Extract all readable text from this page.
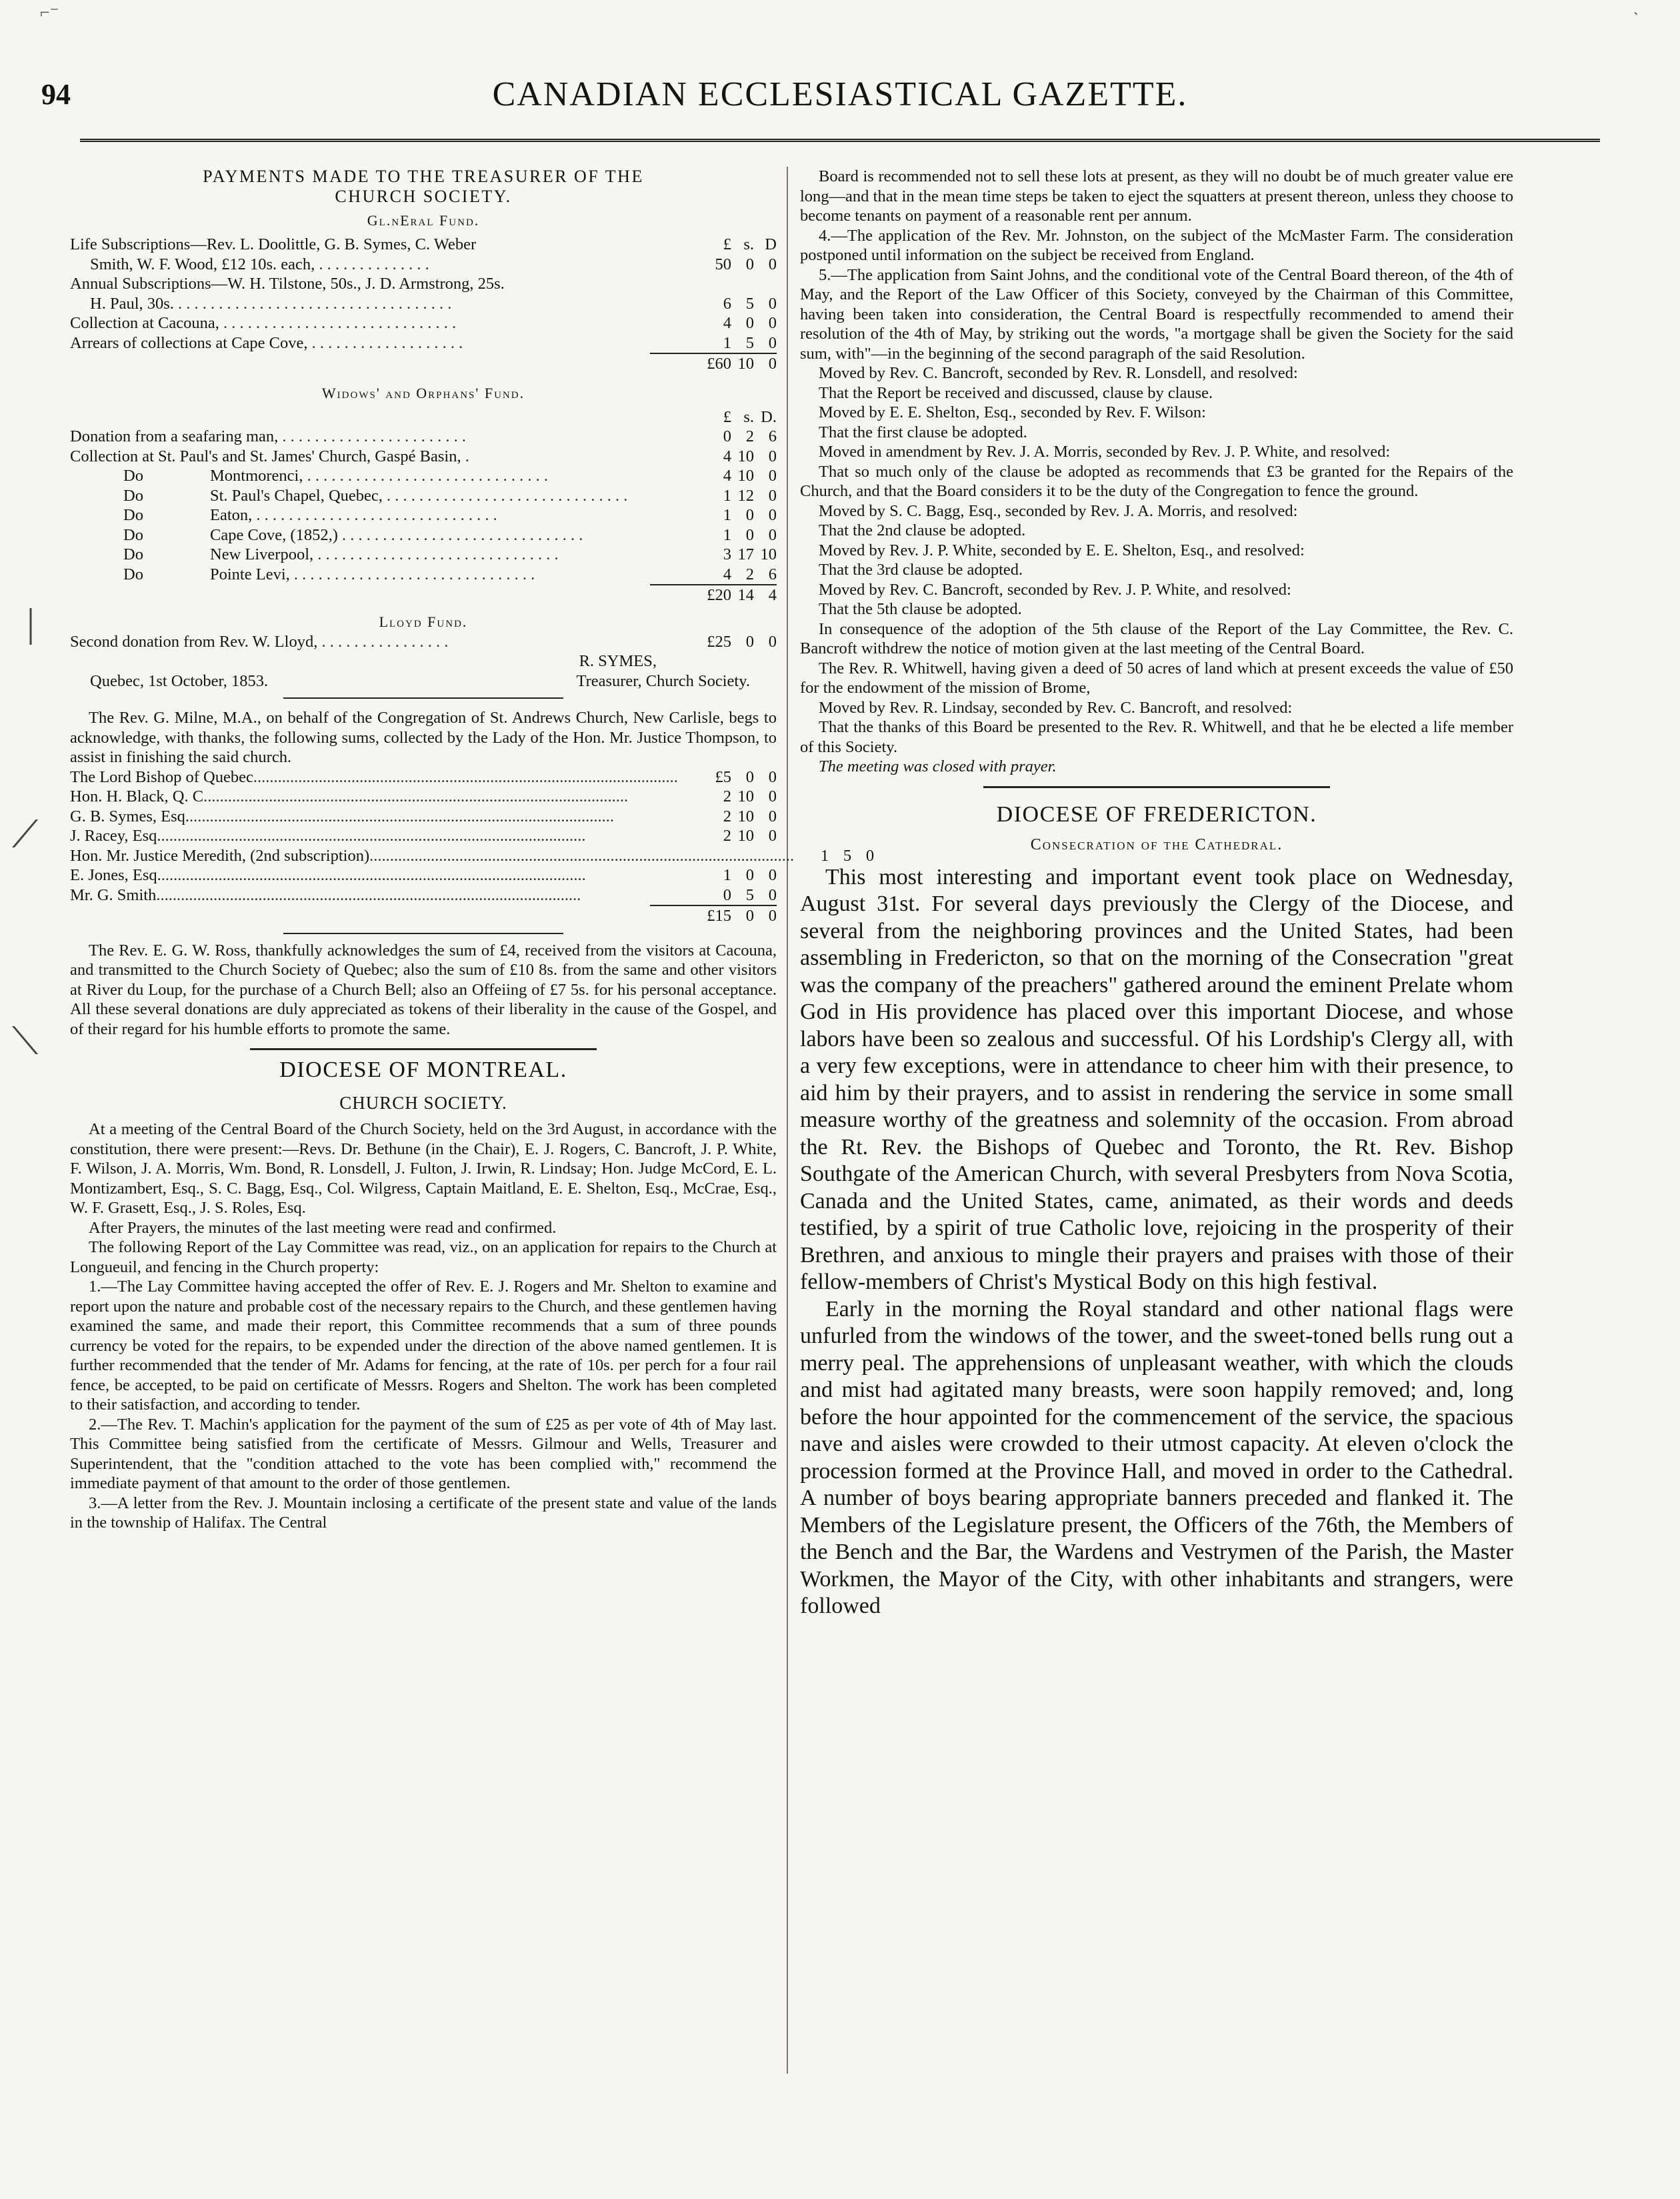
94	CANADIAN ECCLESIASTICAL GAZETTE.

PAYMENTS MADE TO THE TREASURER OF THE

CHURCH SOCIETY.

Gl.nEral Fund.

Life Subscriptions—Rev. L. Doolittle, G. B. Symes, C. Weber	£ s. D
Smith, W. F. Wood, £12 10s. each, . . . . . . . . . . . . . .	50 0 0
Annual Subscriptions—W. H. Tilstone, 50s., J. D. Armstrong, 25s.
H. Paul, 30s. . . . . . . . . . . . . . . . . . . . . . . . . . . . . . . . . . .	6 5 0
Collection at Cacouna, . . . . . . . . . . . . . . . . . . . . . . . . . . . . .	4 0 0
Arrears of collections at Cape Cove, . . . . . . . . . . . . . . . . . . .	1 5 0
£60 10 0

Widows' and Orphans' Fund.

£ s. D.
Donation from a seafaring man, . . . . . . . . . . . . . . . . . . . . . . .	0 2 6
Collection at St. Paul's and St. James' Church, Gaspé Basin, .	4 10 0
Do	Montmorenci, . . . . . . . . . . . . . . . . . . . . . . . . . . . . . .	4 10 0
Do	St. Paul's Chapel, Quebec, . . . . . . . . . . . . . . . . . . . . . . . . . . . . . .	1 12 0
Do	Eaton, . . . . . . . . . . . . . . . . . . . . . . . . . . . . . .	1 0 0
Do	Cape Cove, (1852,) . . . . . . . . . . . . . . . . . . . . . . . . . . . . . .	1 0 0
Do	New Liverpool, . . . . . . . . . . . . . . . . . . . . . . . . . . . . . .	3 17 10
Do	Pointe Levi, . . . . . . . . . . . . . . . . . . . . . . . . . . . . . .	4 2 6
£20 14 4

Lloyd Fund.

Second donation from Rev. W. Lloyd, . . . . . . . . . . . . . . . .	£25 0 0
R. SYMES,
Quebec, 1st October, 1853.	Treasurer, Church Society.

The Rev. G. Milne, M.A., on behalf of the Congregation of St. Andrews Church, New Carlisle, begs to acknowledge, with thanks, the following sums, collected by the Lady of the Hon. Mr. Justice Thompson, to assist in finishing the said church.

The Lord Bishop of Quebec........................................................................................................	£5 0 0
Hon. H. Black, Q. C........................................................................................................	2 10 0
G. B. Symes, Esq.........................................................................................................	2 10 0
J. Racey, Esq.........................................................................................................	2 10 0
Hon. Mr. Justice Meredith, (2nd subscription)........................................................................................................	1 5 0
E. Jones, Esq.........................................................................................................	1 0 0
Mr. G. Smith........................................................................................................	0 5 0
£15 0 0

The Rev. E. G. W. Ross, thankfully acknowledges the sum of £4, received from the visitors at Cacouna, and transmitted to the Church Society of Quebec; also the sum of £10 8s. from the same and other visitors at River du Loup, for the purchase of a Church Bell; also an Offeiing of £7 5s. for his personal acceptance. All these several donations are duly appreciated as tokens of their liberality in the cause of the Gospel, and of their regard for his humble efforts to promote the same.

DIOCESE OF MONTREAL.

CHURCH SOCIETY.

At a meeting of the Central Board of the Church Society, held on the 3rd August, in accordance with the constitution, there were present:—Revs. Dr. Bethune (in the Chair), E. J. Rogers, C. Bancroft, J. P. White, F. Wilson, J. A. Morris, Wm. Bond, R. Lonsdell, J. Fulton, J. Irwin, R. Lindsay; Hon. Judge McCord, E. L. Montizambert, Esq., S. C. Bagg, Esq., Col. Wilgress, Captain Maitland, E. E. Shelton, Esq., McCrae, Esq., W. F. Grasett, Esq., J. S. Roles, Esq.

After Prayers, the minutes of the last meeting were read and confirmed.

The following Report of the Lay Committee was read, viz., on an application for repairs to the Church at Longueuil, and fencing in the Church property:

1.—The Lay Committee having accepted the offer of Rev. E. J. Rogers and Mr. Shelton to examine and report upon the nature and probable cost of the necessary repairs to the Church, and these gentlemen having examined the same, and made their report, this Committee recommends that a sum of three pounds currency be voted for the repairs, to be expended under the direction of the above named gentlemen. It is further recommended that the tender of Mr. Adams for fencing, at the rate of 10s. per perch for a four rail fence, be accepted, to be paid on certificate of Messrs. Rogers and Shelton. The work has been completed to their satisfaction, and according to tender.

2.—The Rev. T. Machin's application for the payment of the sum of £25 as per vote of 4th of May last. This Committee being satisfied from the certificate of Messrs. Gilmour and Wells, Treasurer and Superintendent, that the "condition attached to the vote has been complied with," recommend the immediate payment of that amount to the order of those gentlemen.

3.—A letter from the Rev. J. Mountain inclosing a certificate of the present state and value of the lands in the township of Halifax. The Central

Board is recommended not to sell these lots at present, as they will no doubt be of much greater value ere long—and that in the mean time steps be taken to eject the squatters at present thereon, unless they choose to become tenants on payment of a reasonable rent per annum.

4.—The application of the Rev. Mr. Johnston, on the subject of the McMaster Farm. The consideration postponed until information on the subject be received from England.

5.—The application from Saint Johns, and the conditional vote of the Central Board thereon, of the 4th of May, and the Report of the Law Officer of this Society, conveyed by the Chairman of this Committee, having been taken into consideration, the Central Board is respectfully recommended to amend their resolution of the 4th of May, by striking out the words, "a mortgage shall be given the Society for the said sum, with"—in the beginning of the second paragraph of the said Resolution.

Moved by Rev. C. Bancroft, seconded by Rev. R. Lonsdell, and resolved:

That the Report be received and discussed, clause by clause.

Moved by E. E. Shelton, Esq., seconded by Rev. F. Wilson:

That the first clause be adopted.

Moved in amendment by Rev. J. A. Morris, seconded by Rev. J. P. White, and resolved:

That so much only of the clause be adopted as recommends that £3 be granted for the Repairs of the Church, and that the Board considers it to be the duty of the Congregation to fence the ground.

Moved by S. C. Bagg, Esq., seconded by Rev. J. A. Morris, and resolved:

That the 2nd clause be adopted.

Moved by Rev. J. P. White, seconded by E. E. Shelton, Esq., and resolved:

That the 3rd clause be adopted.

Moved by Rev. C. Bancroft, seconded by Rev. J. P. White, and resolved:

That the 5th clause be adopted.

In consequence of the adoption of the 5th clause of the Report of the Lay Committee, the Rev. C. Bancroft withdrew the notice of motion given at the last meeting of the Central Board.

The Rev. R. Whitwell, having given a deed of 50 acres of land which at present exceeds the value of £50 for the endowment of the mission of Brome,

Moved by Rev. R. Lindsay, seconded by Rev. C. Bancroft, and resolved:

That the thanks of this Board be presented to the Rev. R. Whitwell, and that he be elected a life member of this Society.

The meeting was closed with prayer.

DIOCESE OF FREDERICTON.

Consecration of the Cathedral.

This most interesting and important event took place on Wednesday, August 31st. For several days previously the Clergy of the Diocese, and several from the neighboring provinces and the United States, had been assembling in Fredericton, so that on the morning of the Consecration "great was the company of the preachers" gathered around the eminent Prelate whom God in His providence has placed over this important Diocese, and whose labors have been so zealous and successful. Of his Lordship's Clergy all, with a very few exceptions, were in attendance to cheer him with their presence, to aid him by their prayers, and to assist in rendering the service in some small measure worthy of the greatness and solemnity of the occasion. From abroad the Rt. Rev. the Bishops of Quebec and Toronto, the Rt. Rev. Bishop Southgate of the American Church, with several Presbyters from Nova Scotia, Canada and the United States, came, animated, as their words and deeds testified, by a spirit of true Catholic love, rejoicing in the prosperity of their Brethren, and anxious to mingle their prayers and praises with those of their fellow-members of Christ's Mystical Body on this high festival.

Early in the morning the Royal standard and other national flags were unfurled from the windows of the tower, and the sweet-toned bells rung out a merry peal. The apprehensions of unpleasant weather, with which the clouds and mist had agitated many breasts, were soon happily removed; and, long before the hour appointed for the commencement of the service, the spacious nave and aisles were crowded to their utmost capacity. At eleven o'clock the procession formed at the Province Hall, and moved in order to the Cathedral. A number of boys bearing appropriate banners preceded and flanked it. The Members of the Legislature present, the Officers of the 76th, the Members of the Bench and the Bar, the Wardens and Vestrymen of the Parish, the Master Workmen, the Mayor of the City, with other inhabitants and strangers, were followed

⌐⁻	`
|
⟋
⟍
